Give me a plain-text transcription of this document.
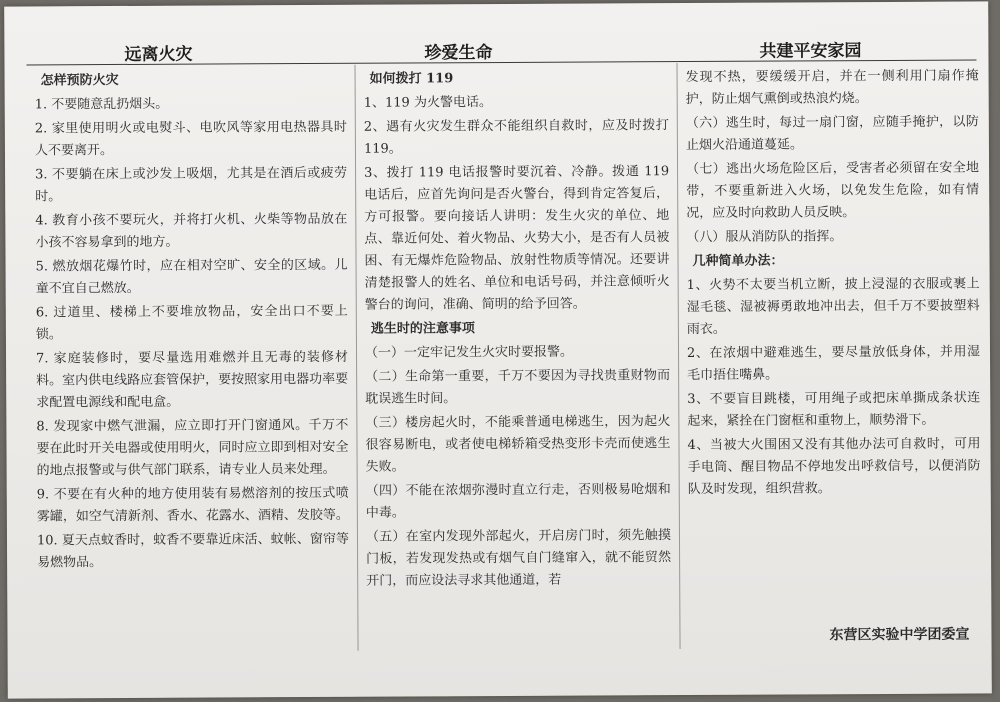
远离火灾	珍爱生命	共建平安家园

怎样预防火灾

1. 不要随意乱扔烟头。

2. 家里使用明火或电熨斗、电吹风等家用电热器具时人不要离开。

3. 不要躺在床上或沙发上吸烟，尤其是在酒后或疲劳时。

4. 教育小孩不要玩火，并将打火机、火柴等物品放在小孩不容易拿到的地方。

5. 燃放烟花爆竹时，应在相对空旷、安全的区域。儿童不宜自己燃放。

6. 过道里、楼梯上不要堆放物品，安全出口不要上锁。

7. 家庭装修时，要尽量选用难燃并且无毒的装修材料。室内供电线路应套管保护，要按照家用电器功率要求配置电源线和配电盒。

8. 发现家中燃气泄漏，应立即打开门窗通风。千万不要在此时开关电器或使用明火，同时应立即到相对安全的地点报警或与供气部门联系，请专业人员来处理。

9. 不要在有火种的地方使用装有易燃溶剂的按压式喷雾罐，如空气清新剂、香水、花露水、酒精、发胶等。

10. 夏天点蚊香时，蚊香不要靠近床活、蚊帐、窗帘等易燃物品。

如何拨打 119

1、119 为火警电话。

2、遇有火灾发生群众不能组织自救时，应及时拨打 119。

3、拨打 119 电话报警时要沉着、冷静。拨通 119 电话后，应首先询问是否火警台，得到肯定答复后，方可报警。要向接话人讲明：发生火灾的单位、地点、靠近何处、着火物品、火势大小，是否有人员被困、有无爆炸危险物品、放射性物质等情况。还要讲清楚报警人的姓名、单位和电话号码，并注意倾听火警台的询问，准确、简明的给予回答。

逃生时的注意事项

（一）一定牢记发生火灾时要报警。

（二）生命第一重要，千万不要因为寻找贵重财物而耽误逃生时间。

（三）楼房起火时，不能乘普通电梯逃生，因为起火很容易断电，或者使电梯轿箱受热变形卡壳而使逃生失败。

（四）不能在浓烟弥漫时直立行走，否则极易呛烟和中毒。

（五）在室内发现外部起火，开启房门时，须先触摸门板，若发现发热或有烟气自门缝窜入，就不能贸然开门，而应设法寻求其他通道，若

发现不热，要缓缓开启，并在一侧利用门扇作掩护，防止烟气熏倒或热浪灼烧。

（六）逃生时，每过一扇门窗，应随手掩护，以防止烟火沿通道蔓延。

（七）逃出火场危险区后，受害者必须留在安全地带，不要重新进入火场，以免发生危险，如有情况，应及时向救助人员反映。

（八）服从消防队的指挥。

几种简单办法：

1、火势不太要当机立断，披上浸湿的衣服或裹上湿毛毯、湿被褥勇敢地冲出去，但千万不要披塑料雨衣。

2、在浓烟中避难逃生，要尽量放低身体，并用湿毛巾捂住嘴鼻。

3、不要盲目跳楼，可用绳子或把床单撕成条状连起来，紧拴在门窗框和重物上，顺势滑下。

4、当被大火围困又没有其他办法可自救时，可用手电筒、醒目物品不停地发出呼救信号，以便消防队及时发现，组织营救。

东营区实验中学团委宣
